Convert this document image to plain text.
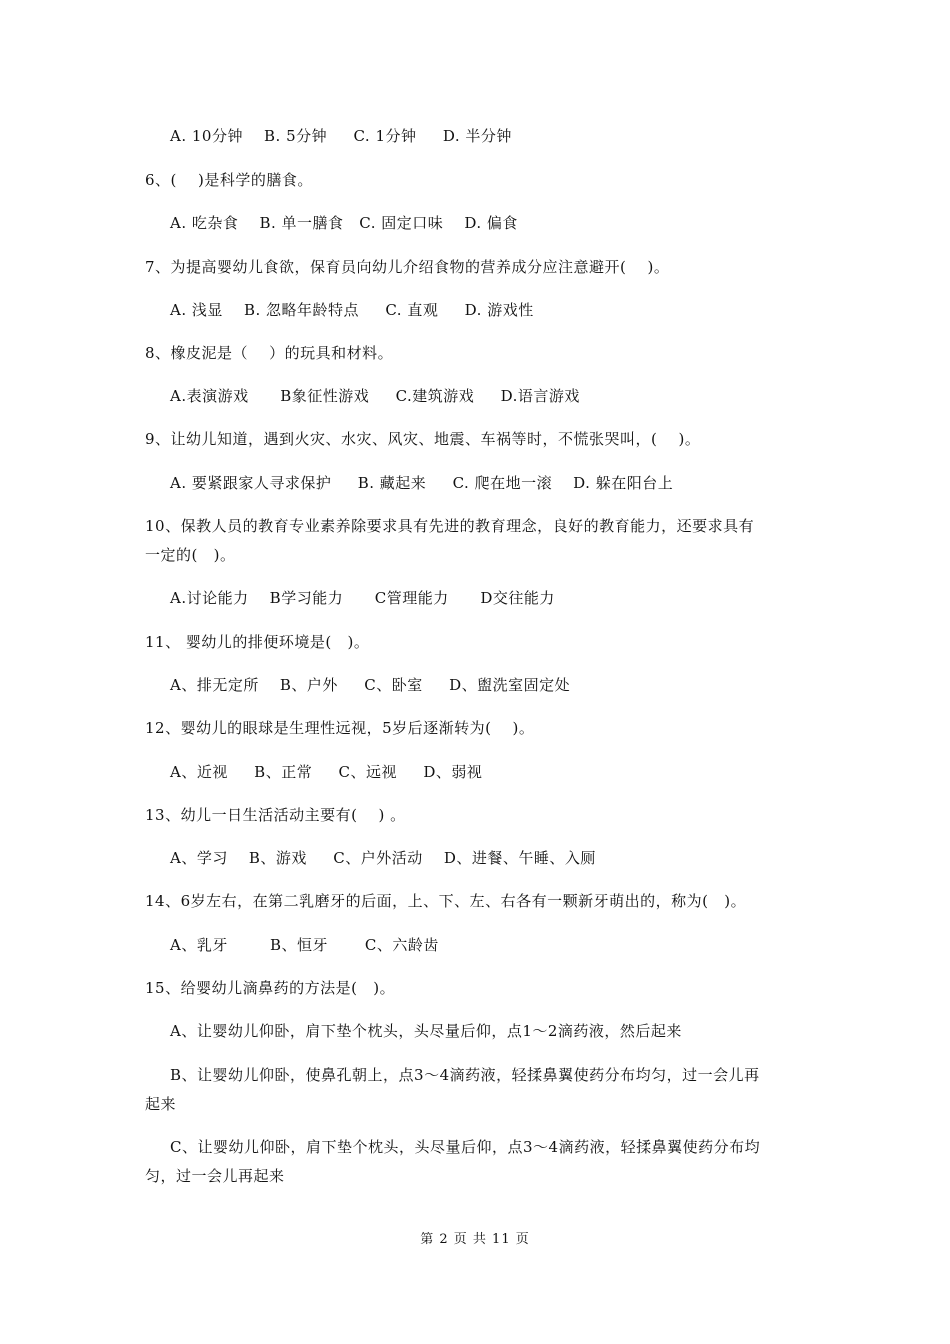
A. 10分钟    B. 5分钟     C. 1分钟     D. 半分钟
6、(    )是科学的膳食。
A. 吃杂食    B. 单一膳食   C. 固定口味    D. 偏食
7、为提高婴幼儿食欲，保育员向幼儿介绍食物的营养成分应注意避开(    )。
A. 浅显    B. 忽略年龄特点     C. 直观     D. 游戏性
8、橡皮泥是（    ）的玩具和材料。
A.表演游戏      B象征性游戏     C.建筑游戏     D.语言游戏
9、让幼儿知道，遇到火灾、水灾、风灾、地震、车祸等时，不慌张哭叫，(    )。
A. 要紧跟家人寻求保护     B. 藏起来     C. 爬在地一滚    D. 躲在阳台上
10、保教人员的教育专业素养除要求具有先进的教育理念，良好的教育能力，还要求具有
一定的(   )。
A.讨论能力    B学习能力      C管理能力      D交往能力
11、 婴幼儿的排便环境是(   )。
A、排无定所    B、户外     C、卧室     D、盥洗室固定处
12、婴幼儿的眼球是生理性远视，5岁后逐渐转为(    )。
A、近视     B、正常     C、远视     D、弱视
13、幼儿一日生活活动主要有(    ) 。
A、学习    B、游戏     C、户外活动    D、进餐、午睡、入厕
14、6岁左右，在第二乳磨牙的后面，上、下、左、右各有一颗新牙萌出的，称为(   )。
A、乳牙        B、恒牙       C、六龄齿
15、给婴幼儿滴鼻药的方法是(   )。
A、让婴幼儿仰卧，肩下垫个枕头，头尽量后仰，点1～2滴药液，然后起来
B、让婴幼儿仰卧，使鼻孔朝上，点3～4滴药液，轻揉鼻翼使药分布均匀，过一会儿再
起来
C、让婴幼儿仰卧，肩下垫个枕头，头尽量后仰，点3～4滴药液，轻揉鼻翼使药分布均
匀，过一会儿再起来
第 2 页 共 11 页
